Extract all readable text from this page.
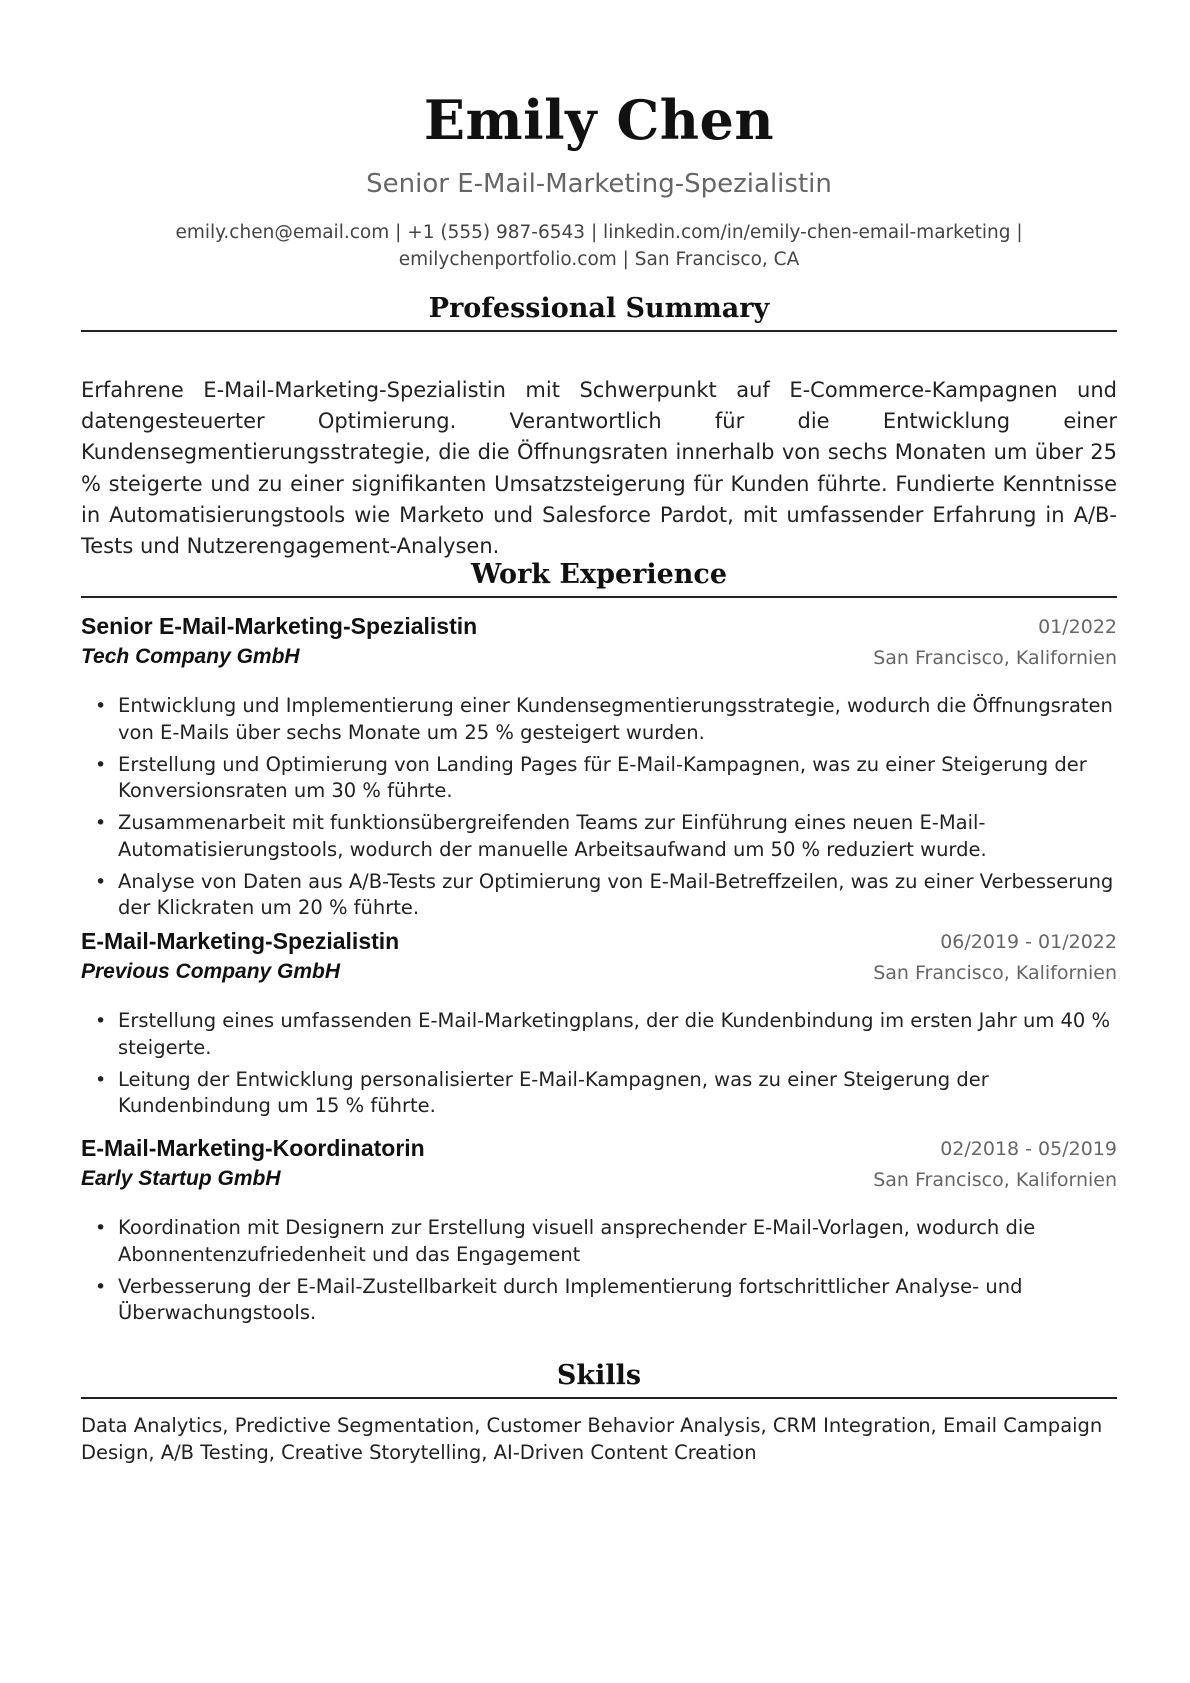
Emily Chen
Senior E-Mail-Marketing-Spezialistin
emily.chen@email.com | +1 (555) 987-6543 | linkedin.com/in/emily-chen-email-marketing |
emilychenportfolio.com | San Francisco, CA
Professional Summary
Erfahrene E-Mail-Marketing-Spezialistin mit Schwerpunkt auf E-Commerce-Kampagnen und datengesteuerter Optimierung. Verantwortlich für die Entwicklung einer Kundensegmentierungsstrategie, die die Öffnungsraten innerhalb von sechs Monaten um über 25 % steigerte und zu einer signifikanten Umsatzsteigerung für Kunden führte. Fundierte Kenntnisse in Automatisierungstools wie Marketo und Salesforce Pardot, mit umfassender Erfahrung in A/B-Tests und Nutzerengagement-Analysen.
Work Experience
Senior E-Mail-Marketing-Spezialistin	01/2022
Tech Company GmbH	San Francisco, Kalifornien
• Entwicklung und Implementierung einer Kundensegmentierungsstrategie, wodurch die Öffnungsraten von E-Mails über sechs Monate um 25 % gesteigert wurden.
• Erstellung und Optimierung von Landing Pages für E-Mail-Kampagnen, was zu einer Steigerung der Konversionsraten um 30 % führte.
• Zusammenarbeit mit funktionsübergreifenden Teams zur Einführung eines neuen E-Mail-Automatisierungstools, wodurch der manuelle Arbeitsaufwand um 50 % reduziert wurde.
• Analyse von Daten aus A/B-Tests zur Optimierung von E-Mail-Betreffzeilen, was zu einer Verbesserung der Klickraten um 20 % führte.
E-Mail-Marketing-Spezialistin	06/2019 - 01/2022
Previous Company GmbH	San Francisco, Kalifornien
• Erstellung eines umfassenden E-Mail-Marketingplans, der die Kundenbindung im ersten Jahr um 40 % steigerte.
• Leitung der Entwicklung personalisierter E-Mail-Kampagnen, was zu einer Steigerung der Kundenbindung um 15 % führte.
E-Mail-Marketing-Koordinatorin	02/2018 - 05/2019
Early Startup GmbH	San Francisco, Kalifornien
• Koordination mit Designern zur Erstellung visuell ansprechender E-Mail-Vorlagen, wodurch die Abonnentenzufriedenheit und das Engagement
• Verbesserung der E-Mail-Zustellbarkeit durch Implementierung fortschrittlicher Analyse- und Überwachungstools.
Skills
Data Analytics, Predictive Segmentation, Customer Behavior Analysis, CRM Integration, Email Campaign Design, A/B Testing, Creative Storytelling, AI-Driven Content Creation
